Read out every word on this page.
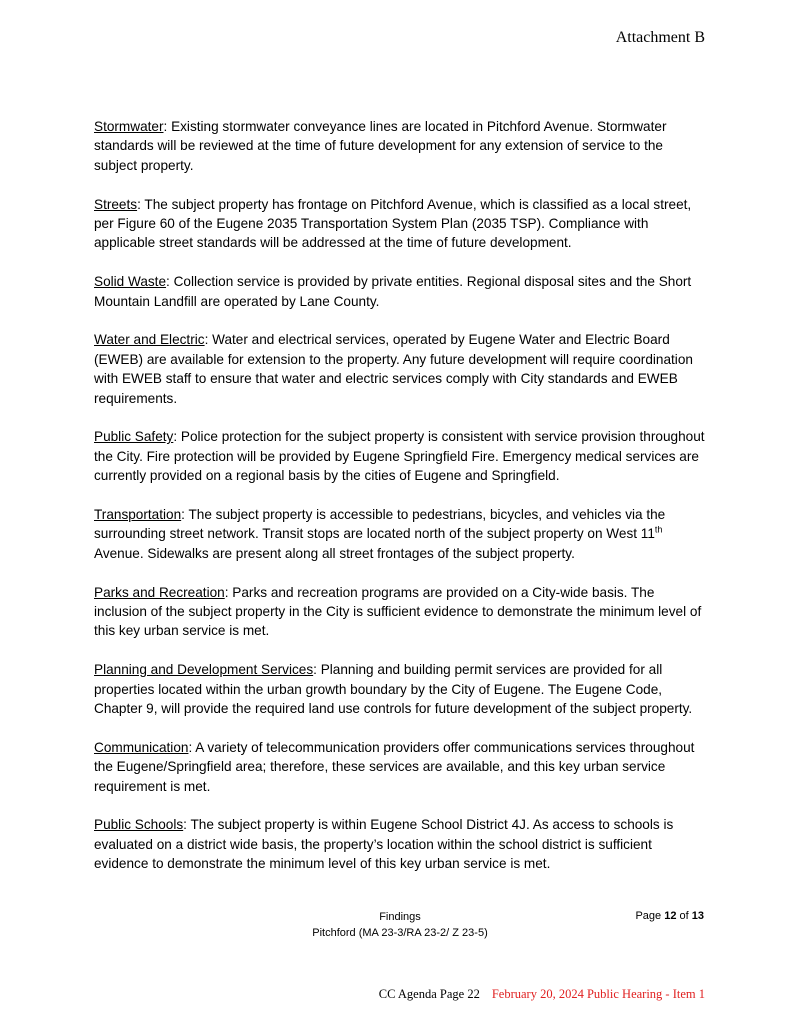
Attachment B

Stormwater: Existing stormwater conveyance lines are located in Pitchford Avenue. Stormwater standards will be reviewed at the time of future development for any extension of service to the subject property.

Streets: The subject property has frontage on Pitchford Avenue, which is classified as a local street, per Figure 60 of the Eugene 2035 Transportation System Plan (2035 TSP). Compliance with applicable street standards will be addressed at the time of future development.

Solid Waste: Collection service is provided by private entities. Regional disposal sites and the Short Mountain Landfill are operated by Lane County.

Water and Electric: Water and electrical services, operated by Eugene Water and Electric Board (EWEB) are available for extension to the property. Any future development will require coordination with EWEB staff to ensure that water and electric services comply with City standards and EWEB requirements.

Public Safety: Police protection for the subject property is consistent with service provision throughout the City. Fire protection will be provided by Eugene Springfield Fire. Emergency medical services are currently provided on a regional basis by the cities of Eugene and Springfield.

Transportation: The subject property is accessible to pedestrians, bicycles, and vehicles via the surrounding street network. Transit stops are located north of the subject property on West 11th Avenue. Sidewalks are present along all street frontages of the subject property.

Parks and Recreation: Parks and recreation programs are provided on a City-wide basis. The inclusion of the subject property in the City is sufficient evidence to demonstrate the minimum level of this key urban service is met.

Planning and Development Services: Planning and building permit services are provided for all properties located within the urban growth boundary by the City of Eugene. The Eugene Code, Chapter 9, will provide the required land use controls for future development of the subject property.

Communication: A variety of telecommunication providers offer communications services throughout the Eugene/Springfield area; therefore, these services are available, and this key urban service requirement is met.

Public Schools: The subject property is within Eugene School District 4J. As access to schools is evaluated on a district wide basis, the property’s location within the school district is sufficient evidence to demonstrate the minimum level of this key urban service is met.

Findings
Pitchford (MA 23-3/RA 23-2/ Z 23-5)
Page 12 of 13
CC Agenda Page 22 February 20, 2024 Public Hearing - Item 1
